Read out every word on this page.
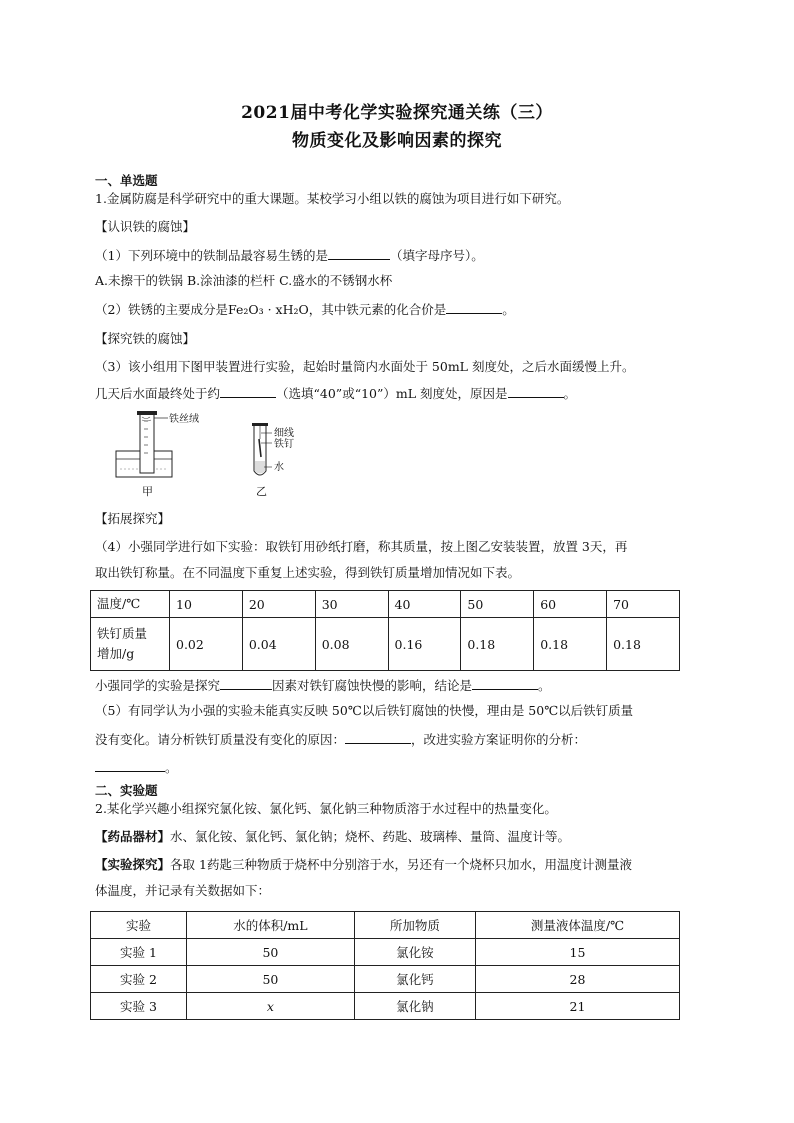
2021届中考化学实验探究通关练（三）
物质变化及影响因素的探究
一、单选题
1.金属防腐是科学研究中的重大课题。某校学习小组以铁的腐蚀为项目进行如下研究。
【认识铁的腐蚀】
（1）下列环境中的铁制品最容易生锈的是	（填字母序号）。
A.未擦干的铁锅 B.涂油漆的栏杆 C.盛水的不锈钢水杯
（2）铁锈的主要成分是Fe₂O₃ · xH₂O，其中铁元素的化合价是	。
【探究铁的腐蚀】
（3）该小组用下图甲装置进行实验，起始时量筒内水面处于 50mL 刻度处，之后水面缓慢上升。
几天后水面最终处于约	（选填“40”或“10”）mL 刻度处，原因是	。
铁丝绒
甲
细线
铁钉
水
乙
【拓展探究】
（4）小强同学进行如下实验：取铁钉用砂纸打磨，称其质量，按上图乙安装装置，放置 3天，再
取出铁钉称量。在不同温度下重复上述实验，得到铁钉质量增加情况如下表。
温度/℃	10	20	30	40	50	60	70

铁钉质量
增加/g	0.02	0.04	0.08	0.16	0.18	0.18	0.18
小强同学的实验是探究	因素对铁钉腐蚀快慢的影响，结论是	。
（5）有同学认为小强的实验未能真实反映 50℃以后铁钉腐蚀的快慢，理由是 50℃以后铁钉质量
没有变化。请分析铁钉质量没有变化的原因：	，改进实验方案证明你的分析：
。
二、实验题
2.某化学兴趣小组探究氯化铵、氯化钙、氯化钠三种物质溶于水过程中的热量变化。
【药品器材】水、氯化铵、氯化钙、氯化钠；烧杯、药匙、玻璃棒、量筒、温度计等。
【实验探究】各取 1药匙三种物质于烧杯中分别溶于水，另还有一个烧杯只加水，用温度计测量液
体温度，并记录有关数据如下：
实验	水的体积/mL	所加物质	测量液体温度/℃
实验 1	50	氯化铵	15
实验 2	50	氯化钙	28
实验 3	x	氯化钠	21
